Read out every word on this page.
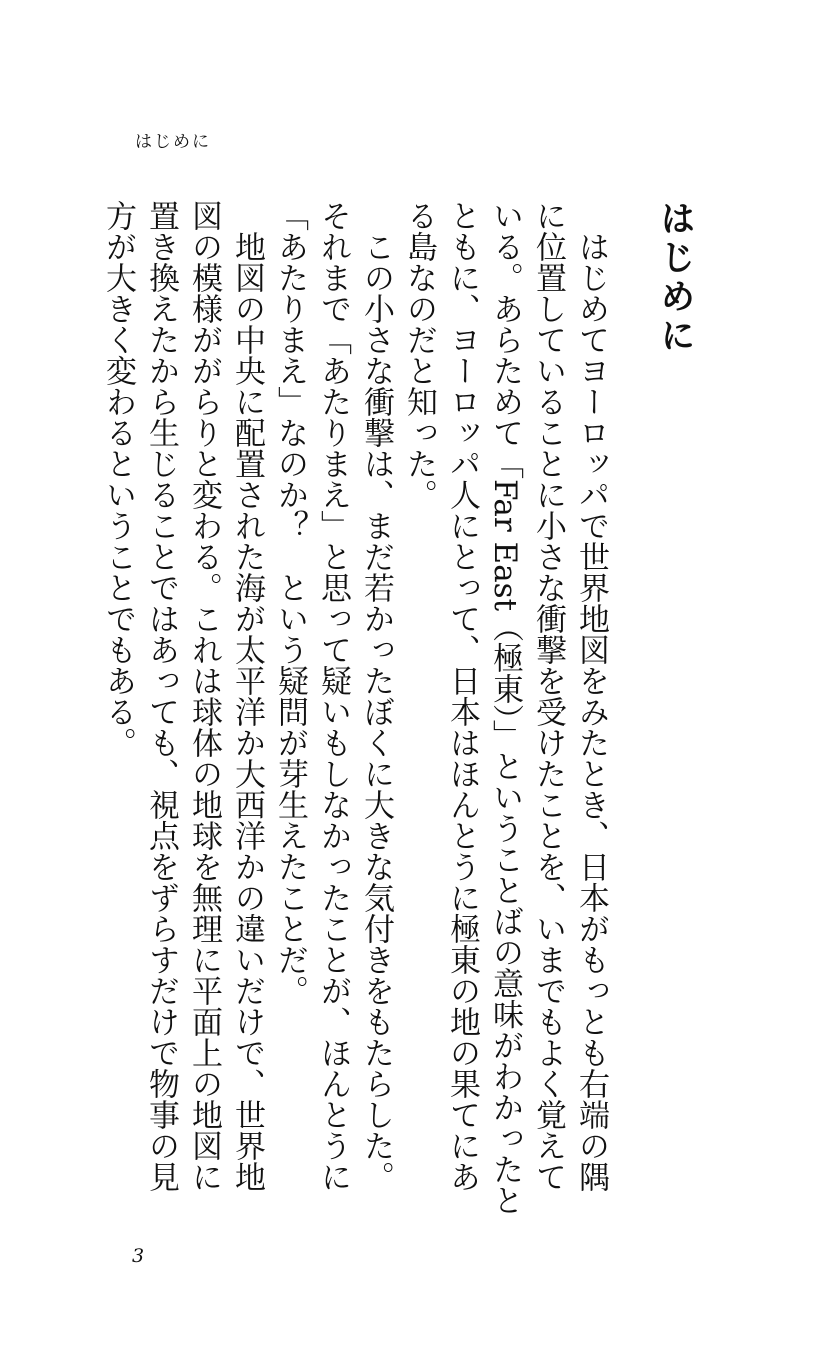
はじめに
はじめに

はじめてヨーロッパで世界地図をみたとき、日本がもっとも右端の隅に位置していることに小さな衝撃を受けたことを、いまでもよく覚えている。あらためて「Far East（極東）」ということばの意味がわかったとともに、ヨーロッパ人にとって、日本はほんとうに極東の地の果てにある島なのだと知った。

この小さな衝撃は、まだ若かったぼくに大きな気付きをもたらした。それまで「あたりまえ」と思って疑いもしなかったことが、ほんとうに「あたりまえ」なのか？　という疑問が芽生えたことだ。

地図の中央に配置された海が太平洋か大西洋かの違いだけで、世界地図の模様ががらりと変わる。これは球体の地球を無理に平面上の地図に置き換えたから生じることではあっても、視点をずらすだけで物事の見方が大きく変わるということでもある。

3
